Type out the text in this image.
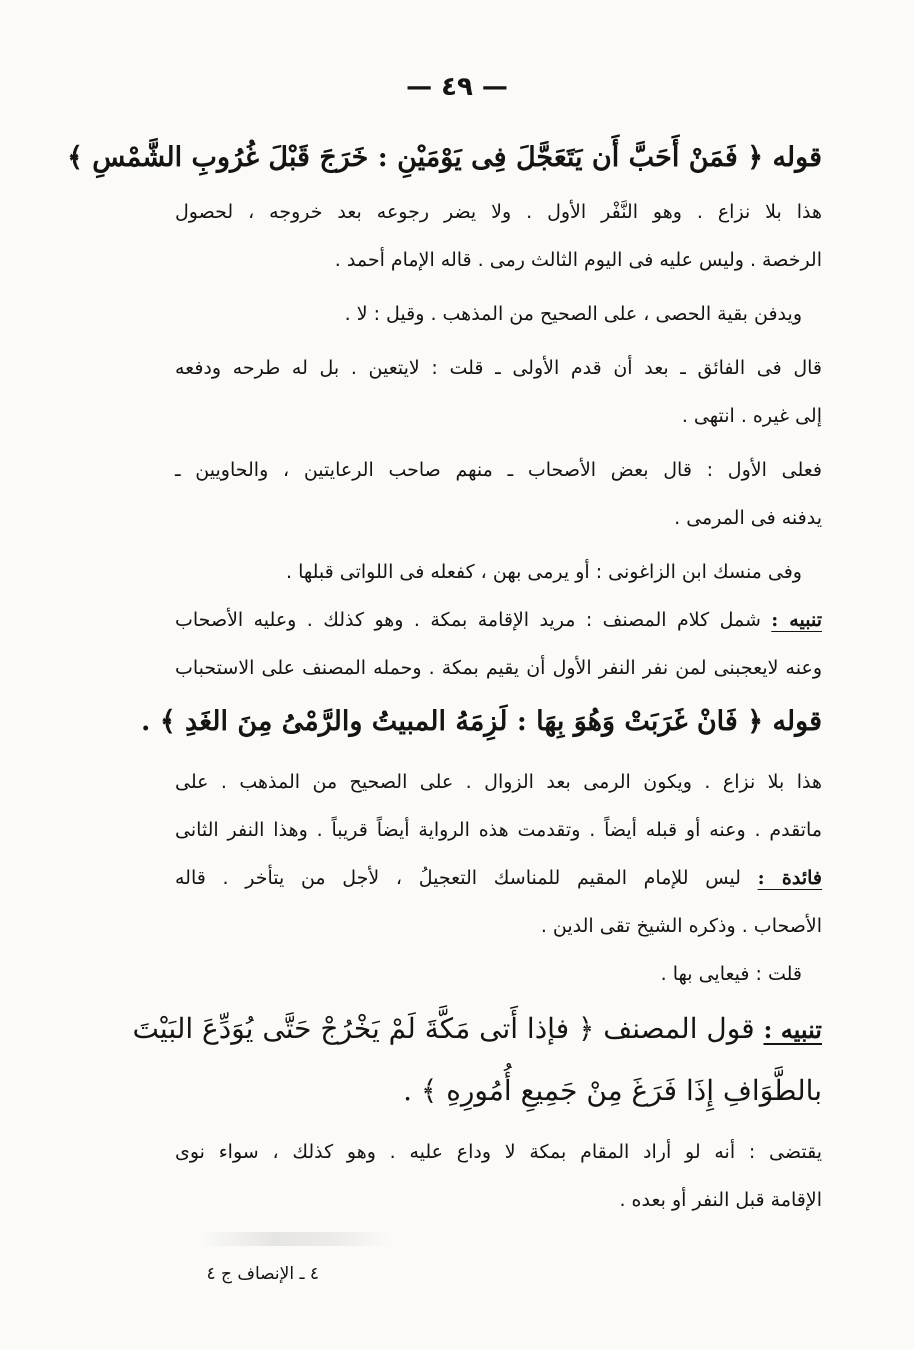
— ٤٩ —

قوله ﴿ فَمَنْ أَحَبَّ أَن يَتَعَجَّلَ فِى يَوْمَيْنِ : خَرَجَ قَبْلَ غُرُوبِ الشَّمْسِ ﴾

هذا بلا نزاع . وهو النَّفْر الأول . ولا يضر رجوعه بعد خروجه ، لحصول

الرخصة . وليس عليه فى اليوم الثالث رمى . قاله الإمام أحمد .

ويدفن بقية الحصى ، على الصحيح من المذهب . وقيل : لا .

قال فى الفائق ـ بعد أن قدم الأولى ـ قلت : لايتعين . بل له طرحه ودفعه

إلى غيره . انتهى .

فعلى الأول : قال بعض الأصحاب ـ منهم صاحب الرعايتين ، والحاويين ـ

يدفنه فى المرمى .

وفى منسك ابن الزاغونى : أو يرمى بهن ، كفعله فى اللواتى قبلها .

تنبيه : شمل كلام المصنف : مريد الإقامة بمكة . وهو كذلك . وعليه الأصحاب

وعنه لايعجبنى لمن نفر النفر الأول أن يقيم بمكة . وحمله المصنف على الاستحباب

قوله ﴿ فَانْ غَرَبَتْ وَهُوَ بِهَا : لَزِمَهُ المبيتُ والرَّمْىُ مِنَ الغَدِ ﴾ .

هذا بلا نزاع . ويكون الرمى بعد الزوال . على الصحيح من المذهب . على

ماتقدم . وعنه أو قبله أيضاً . وتقدمت هذه الرواية أيضاً قريباً . وهذا النفر الثانى

فائدة : ليس للإمام المقيم للمناسك التعجيلُ ، لأجل من يتأخر . قاله

الأصحاب . وذكره الشيخ تقى الدين .

قلت : فيعايى بها .

تنبيه : قول المصنف ﴿ فإذا أَتى مَكَّةَ لَمْ يَخْرُجْ حَتَّى يُوَدِّعَ البَيْتَ

بالطَّوَافِ إِذَا فَرَغَ مِنْ جَمِيعِ أُمُورِهِ ﴾ .

يقتضى : أنه لو أراد المقام بمكة لا وداع عليه . وهو كذلك ، سواء نوى

الإقامة قبل النفر أو بعده .

٤ ـ الإنصاف ج ٤
